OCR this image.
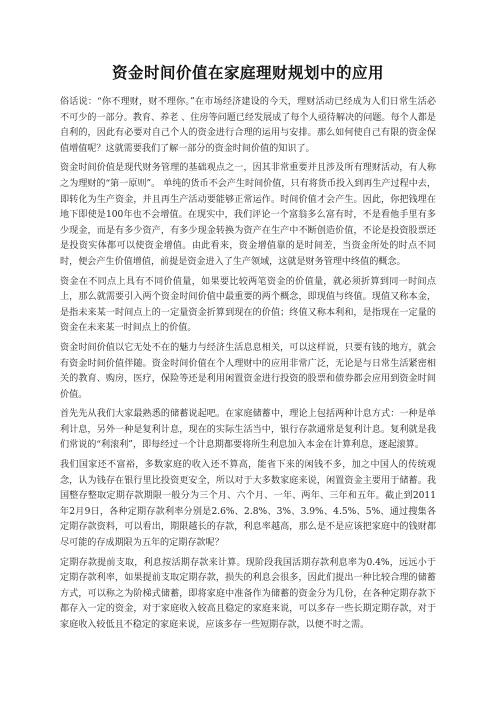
资金时间价值在家庭理财规划中的应用

俗话说：“你不理财，财不理你。”在市场经济建设的今天，理财活动已经成为人们日常生活必不可少的一部分。教育、养老 、住房等问题已经发展成了每个人亟待解决的问题。每个人都是自利的，因此有必要对自己个人的资金进行合理的运用与安排。那么如何使自己有限的资金保值增值呢？这就需要我们了解一部分的资金时间价值的知识了。

资金时间价值是现代财务管理的基础观点之一，因其非常重要并且涉及所有理财活动，有人称之为理财的“第一原则”。 单纯的货币不会产生时间价值，只有将货币投入到再生产过程中去，即转化为生产资金，并且再生产活动要能够正常运作。时间价值才会产生。因此，你把钱埋在地下即使是100年也不会增值。在现实中，我们评论一个富翁多么富有时，不是看他手里有多少现金，而是有多少资产，有多少现金转换为资产在生产中不断创造价值，不论是投资股票还是投资实体都可以使资金增值。由此看来，资金增值靠的是时间差，当资金所处的时点不同时，便会产生价值增值，前提是资金进入了生产领域，这就是财务管理中终值的概念。

资金在不同点上具有不同价值量，如果要比较两笔资金的价值量，就必须折算到同一时间点上，那么就需要引入两个资金时间价值中最重要的两个概念，即现值与终值。现值又称本金，是指未来某一时间点上的一定量资金折算到现在的价值；终值又称本利和，是指现在一定量的资金在未来某一时间点上的价值。

资金时间价值以它无处不在的魅力与经济生活息息相关，可以这样说，只要有钱的地方，就会有资金时间价值伴随。资金时间价值在个人理财中的应用非常广泛，无论是与日常生活紧密相关的教育、购房，医疗，保险等还是利用闲置资金进行投资的股票和债券都会应用到资金时间价值。

首先先从我们大家最熟悉的储蓄说起吧。在家庭储蓄中，理论上包括两种计息方式：一种是单利计息，另外一种是复利计息，现在的实际生活当中，银行存款通常是复利计息。复利就是我们常说的“利滚利”，即每经过一个计息期都要将所生利息加入本金在计算利息，逐起滚算。

我们国家还不富裕，多数家庭的收入还不算高，能省下来的闲钱不多，加之中国人的传统观念，认为钱存在银行里比投资更安全，所以对于大多数家庭来说，闲置资金主要用于储蓄。我国整存整取定期存款期限一般分为三个月、六个月、一年、两年、三年和五年。截止到2011年2月9日，各种定期存款利率分别是2.6%、2.8%、3%、3.9%、4.5%、5%、通过搜集各定期存款资料，可以看出，期限越长的存款，利息率越高，那么是不是应该把家庭中的钱财都尽可能的存成期限为五年的定期存款呢？

定期存款提前支取，利息按活期存款来计算。现阶段我国活期存款利息率为0.4%，远远小于定期存款利率，如果提前支取定期存款，损失的利息会很多，因此们提出一种比较合理的储蓄方式，可以称之为阶梯式储蓄，即将家庭中准备作为储蓄的资金分为几份，在各种定期存款下都存入一定的资金，对于家庭收入较高且稳定的家庭来说，可以多存一些长期定期存款，对于家庭收入较低且不稳定的家庭来说，应该多存一些短期存款，以便不时之需。
